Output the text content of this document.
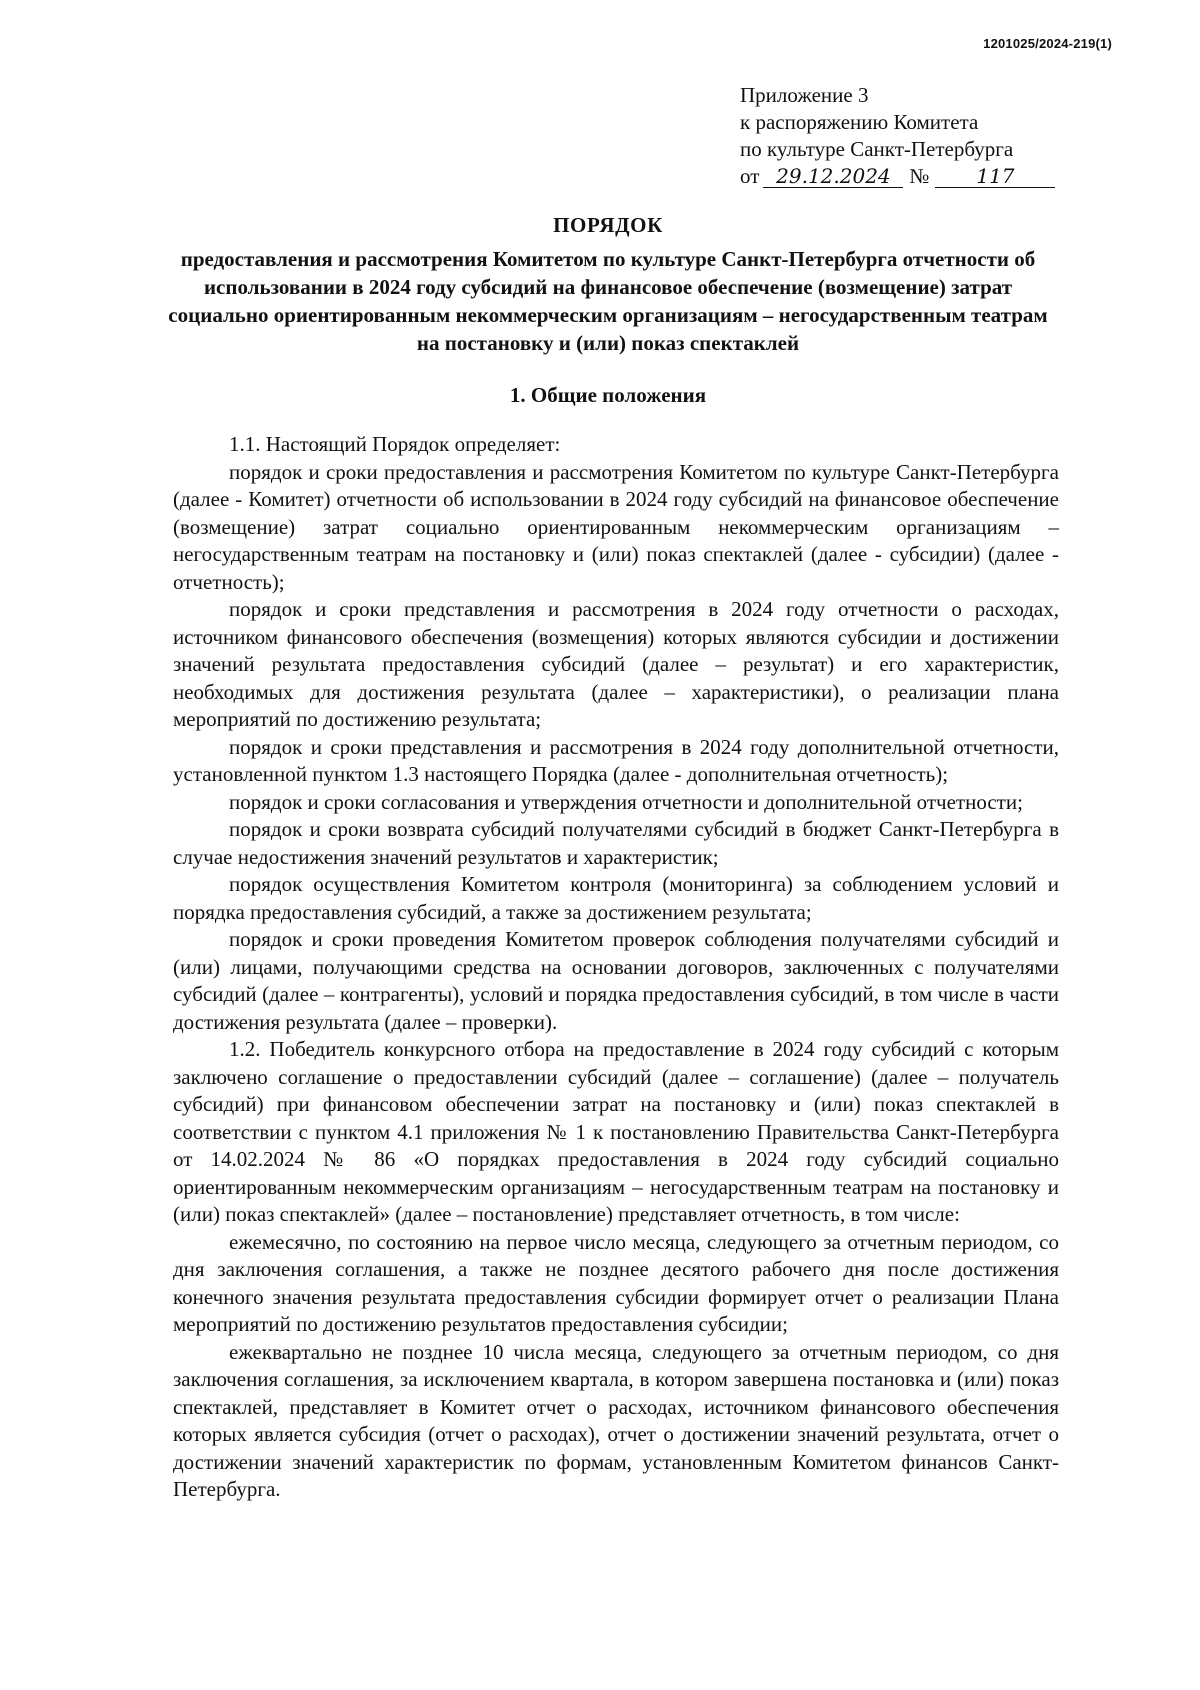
1201025/2024-219(1)
Приложение 3
к распоряжению Комитета
по культуре Санкт-Петербурга
от 29.12.2024 № 117
ПОРЯДОК
предоставления и рассмотрения Комитетом по культуре Санкт-Петербурга отчетности об использовании в 2024 году субсидий на финансовое обеспечение (возмещение) затрат социально ориентированным некоммерческим организациям – негосударственным театрам на постановку и (или) показ спектаклей
1. Общие положения

1.1. Настоящий Порядок определяет:

порядок и сроки предоставления и рассмотрения Комитетом по культуре Санкт-Петербурга (далее - Комитет) отчетности об использовании в 2024 году субсидий на финансовое обеспечение (возмещение) затрат социально ориентированным некоммерческим организациям – негосударственным театрам на постановку и (или) показ спектаклей (далее - субсидии) (далее - отчетность);

порядок и сроки представления и рассмотрения в 2024 году отчетности о расходах, источником финансового обеспечения (возмещения) которых являются субсидии и достижении значений результата предоставления субсидий (далее – результат) и его характеристик, необходимых для достижения результата (далее – характеристики), о реализации плана мероприятий по достижению результата;

порядок и сроки представления и рассмотрения в 2024 году дополнительной отчетности, установленной пунктом 1.3 настоящего Порядка (далее - дополнительная отчетность);

порядок и сроки согласования и утверждения отчетности и дополнительной отчетности;

порядок и сроки возврата субсидий получателями субсидий в бюджет Санкт-Петербурга в случае недостижения значений результатов и характеристик;

порядок осуществления Комитетом контроля (мониторинга) за соблюдением условий и порядка предоставления субсидий, а также за достижением результата;

порядок и сроки проведения Комитетом проверок соблюдения получателями субсидий и (или) лицами, получающими средства на основании договоров, заключенных с получателями субсидий (далее – контрагенты), условий и порядка предоставления субсидий, в том числе в части достижения результата (далее – проверки).

1.2. Победитель конкурсного отбора на предоставление в 2024 году субсидий с которым заключено соглашение о предоставлении субсидий (далее – соглашение) (далее – получатель субсидий) при финансовом обеспечении затрат на постановку и (или) показ спектаклей в соответствии с пунктом 4.1 приложения № 1 к постановлению Правительства Санкт-Петербурга от 14.02.2024 № 86 «О порядках предоставления в 2024 году субсидий социально ориентированным некоммерческим организациям – негосударственным театрам на постановку и (или) показ спектаклей» (далее – постановление) представляет отчетность, в том числе:

ежемесячно, по состоянию на первое число месяца, следующего за отчетным периодом, со дня заключения соглашения, а также не позднее десятого рабочего дня после достижения конечного значения результата предоставления субсидии формирует отчет о реализации Плана мероприятий по достижению результатов предоставления субсидии;

ежеквартально не позднее 10 числа месяца, следующего за отчетным периодом, со дня заключения соглашения, за исключением квартала, в котором завершена постановка и (или) показ спектаклей, представляет в Комитет отчет о расходах, источником финансового обеспечения которых является субсидия (отчет о расходах), отчет о достижении значений результата, отчет о достижении значений характеристик по формам, установленным Комитетом финансов Санкт-Петербурга.
